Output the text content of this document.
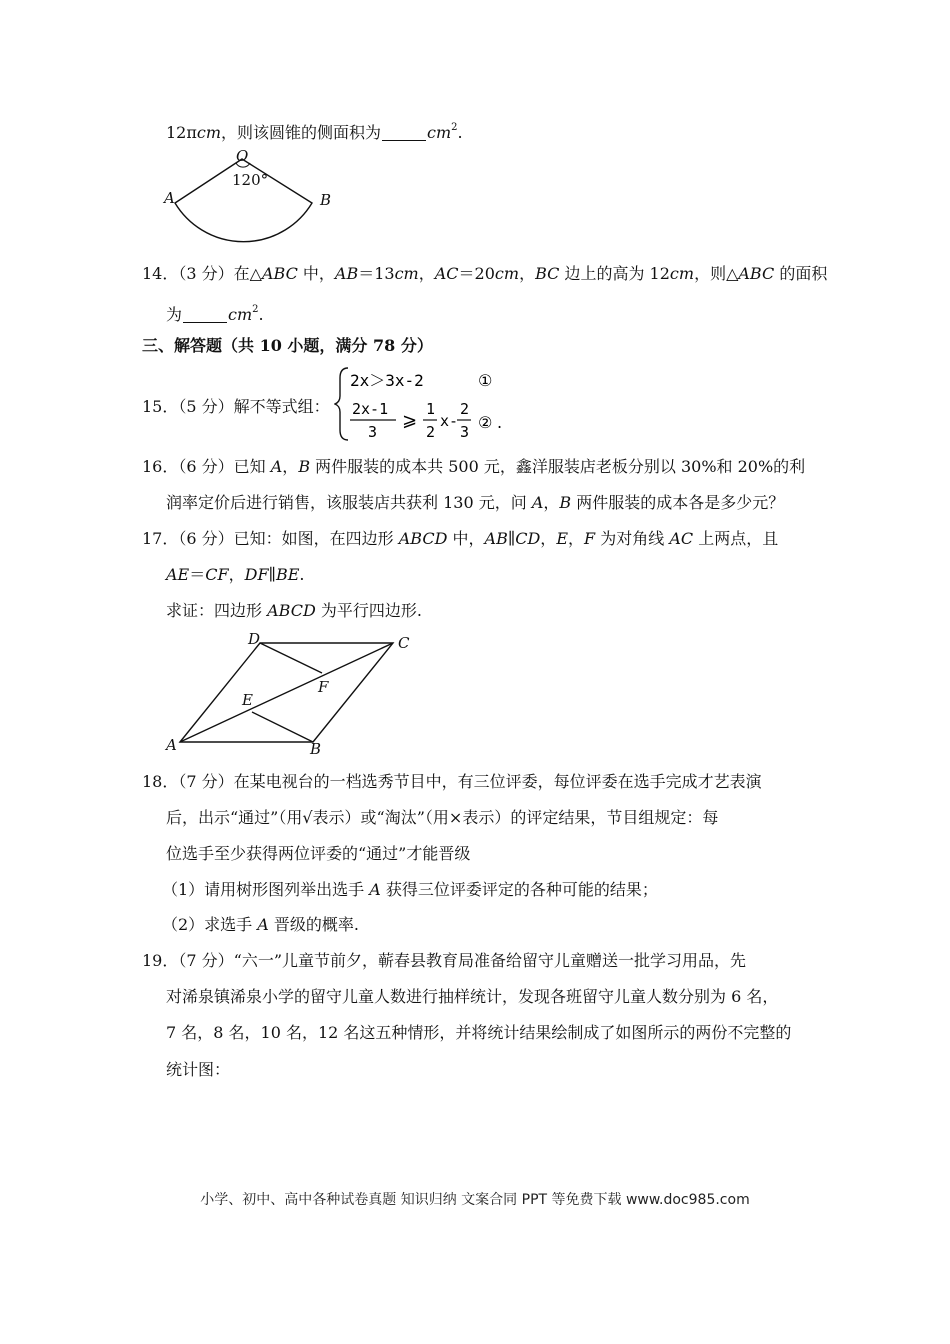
12πcm，则该圆锥的侧面积为	$cm^2$.
O
120°
A	B
14．（3 分）在△ABC 中，AB＝13cm，AC＝20cm，BC 边上的高为 12cm，则△ABC 的面积
为	$cm^2$.
三、解答题（共 10 小题，满分 78 分）
15．（5 分）解不等式组：
2x＞3x-2	①
2x-1
3
⩾
1
2
x-
2
3 ② .
16．（6 分）已知 A，B 两件服装的成本共 500 元，鑫洋服装店老板分别以 30%和 20%的利
润率定价后进行销售，该服装店共获利 130 元，问 A，B 两件服装的成本各是多少元？
17．（6 分）已知：如图，在四边形 ABCD 中，AB∥CD，E，F 为对角线 AC 上两点，且
AE＝CF，DF∥BE.
求证：四边形 ABCD 为平行四边形.
D	C
F
E
A	B
18．（7 分）在某电视台的一档选秀节目中，有三位评委，每位评委在选手完成才艺表演
后，出示“通过”（用√表示）或“淘汰”（用×表示）的评定结果，节目组规定：每
位选手至少获得两位评委的“通过”才能晋级
（1）请用树形图列举出选手 A 获得三位评委评定的各种可能的结果；
（2）求选手 A 晋级的概率.
19．（7 分）“六一”儿童节前夕，蕲春县教育局准备给留守儿童赠送一批学习用品，先
对浠泉镇浠泉小学的留守儿童人数进行抽样统计，发现各班留守儿童人数分别为 6 名，
7 名，8 名，10 名，12 名这五种情形，并将统计结果绘制成了如图所示的两份不完整的
统计图：
小学、初中、高中各种试卷真题 知识归纳 文案合同 PPT 等免费下载 www.doc985.com
